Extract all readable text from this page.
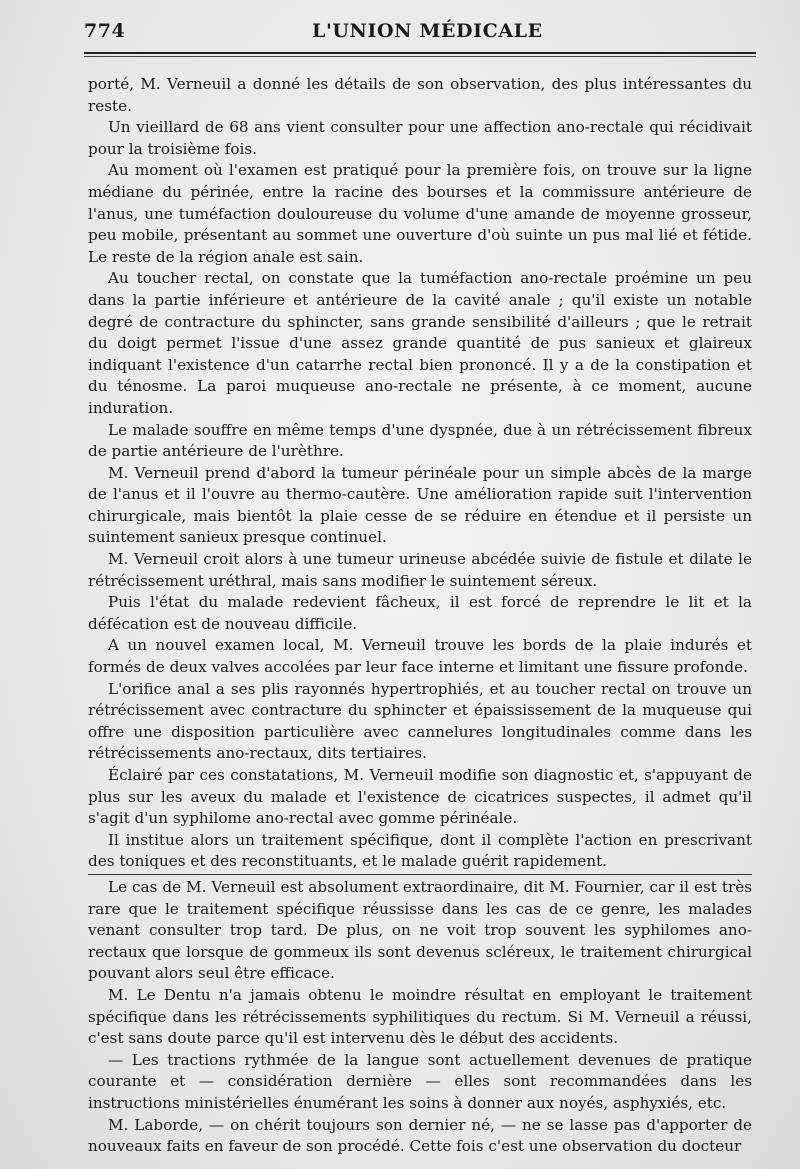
774	L'UNION MÉDICALE

porté, M. Verneuil a donné les détails de son observation, des plus intéressantes du reste.

Un vieillard de 68 ans vient consulter pour une affection ano-rectale qui récidivait pour la troisième fois.

Au moment où l'examen est pratiqué pour la première fois, on trouve sur la ligne médiane du périnée, entre la racine des bourses et la commissure antérieure de l'anus, une tuméfaction douloureuse du volume d'une amande de moyenne grosseur, peu mobile, présentant au sommet une ouverture d'où suinte un pus mal lié et fétide. Le reste de la région anale est sain.

Au toucher rectal, on constate que la tuméfaction ano-rectale proémine un peu dans la partie inférieure et antérieure de la cavité anale ; qu'il existe un notable degré de contracture du sphincter, sans grande sensibilité d'ailleurs ; que le retrait du doigt permet l'issue d'une assez grande quantité de pus sanieux et glaireux indiquant l'existence d'un catarrhe rectal bien prononcé. Il y a de la constipation et du ténosme. La paroi muqueuse ano-rectale ne présente, à ce moment, aucune induration.

Le malade souffre en même temps d'une dyspnée, due à un rétrécissement fibreux de partie antérieure de l'urèthre.

M. Verneuil prend d'abord la tumeur périnéale pour un simple abcès de la marge de l'anus et il l'ouvre au thermo-cautère. Une amélioration rapide suit l'intervention chirurgicale, mais bientôt la plaie cesse de se réduire en étendue et il persiste un suintement sanieux presque continuel.

M. Verneuil croit alors à une tumeur urineuse abcédée suivie de fistule et dilate le rétrécissement uréthral, mais sans modifier le suintement séreux.

Puis l'état du malade redevient fâcheux, il est forcé de reprendre le lit et la défécation est de nouveau difficile.

A un nouvel examen local, M. Verneuil trouve les bords de la plaie indurés et formés de deux valves accolées par leur face interne et limitant une fissure profonde.

L'orifice anal a ses plis rayonnés hypertrophiés, et au toucher rectal on trouve un rétrécissement avec contracture du sphincter et épaississement de la muqueuse qui offre une disposition particulière avec cannelures longitudinales comme dans les rétrécissements ano-rectaux, dits tertiaires.

Éclairé par ces constatations, M. Verneuil modifie son diagnostic et, s'appuyant de plus sur les aveux du malade et l'existence de cicatrices suspectes, il admet qu'il s'agit d'un syphilome ano-rectal avec gomme périnéale.

Il institue alors un traitement spécifique, dont il complète l'action en prescrivant des toniques et des reconstituants, et le malade guérit rapidement.

Le cas de M. Verneuil est absolument extraordinaire, dit M. Fournier, car il est très rare que le traitement spécifique réussisse dans les cas de ce genre, les malades venant consulter trop tard. De plus, on ne voit trop souvent les syphilomes ano-rectaux que lorsque de gommeux ils sont devenus scléreux, le traitement chirurgical pouvant alors seul être efficace.

M. Le Dentu n'a jamais obtenu le moindre résultat en employant le traitement spécifique dans les rétrécissements syphilitiques du rectum. Si M. Verneuil a réussi, c'est sans doute parce qu'il est intervenu dès le début des accidents.

— Les tractions rythmée de la langue sont actuellement devenues de pratique courante et — considération dernière — elles sont recommandées dans les instructions ministérielles énumérant les soins à donner aux noyés, asphyxiés, etc.

M. Laborde, — on chérit toujours son dernier né, — ne se lasse pas d'apporter de nouveaux faits en faveur de son procédé. Cette fois c'est une observation du docteur
